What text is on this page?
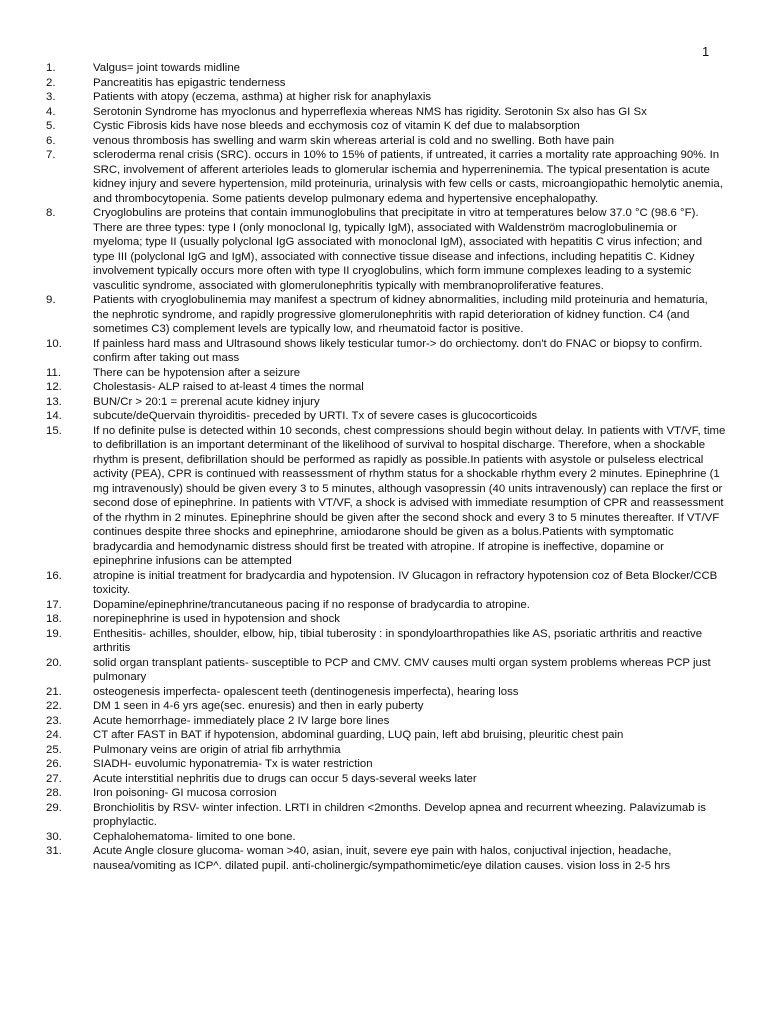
1
1.	Valgus= joint towards midline
2.	Pancreatitis has epigastric tenderness
3.	Patients with atopy (eczema, asthma) at higher risk for anaphylaxis
4.	Serotonin Syndrome has myoclonus and hyperreflexia whereas NMS has rigidity. Serotonin Sx also has GI Sx
5.	Cystic Fibrosis kids have nose bleeds and ecchymosis coz of vitamin K def due to malabsorption
6.	venous thrombosis has swelling and warm skin whereas arterial is cold and no swelling. Both have pain
7.	scleroderma renal crisis (SRC). occurs in 10% to 15% of patients, if untreated, it carries a mortality rate approaching 90%. In SRC, involvement of afferent arterioles leads to glomerular ischemia and hyperreninemia. The typical presentation is acute kidney injury and severe hypertension, mild proteinuria, urinalysis with few cells or casts, microangiopathic hemolytic anemia, and thrombocytopenia. Some patients develop pulmonary edema and hypertensive encephalopathy.
8.	Cryoglobulins are proteins that contain immunoglobulins that precipitate in vitro at temperatures below 37.0 °C (98.6 °F). There are three types: type I (only monoclonal Ig, typically IgM), associated with Waldenström macroglobulinemia or myeloma; type II (usually polyclonal IgG associated with monoclonal IgM), associated with hepatitis C virus infection; and type III (polyclonal IgG and IgM), associated with connective tissue disease and infections, including hepatitis C. Kidney involvement typically occurs more often with type II cryoglobulins, which form immune complexes leading to a systemic vasculitic syndrome, associated with glomerulonephritis typically with membranoproliferative features.
9.	Patients with cryoglobulinemia may manifest a spectrum of kidney abnormalities, including mild proteinuria and hematuria, the nephrotic syndrome, and rapidly progressive glomerulonephritis with rapid deterioration of kidney function. C4 (and sometimes C3) complement levels are typically low, and rheumatoid factor is positive.
10.	If painless hard mass and Ultrasound shows likely testicular tumor-> do orchiectomy. don't do FNAC or biopsy to confirm. confirm after taking out mass
11.	There can be hypotension after a seizure
12.	Cholestasis- ALP raised to at-least 4 times the normal
13.	BUN/Cr > 20:1 = prerenal acute kidney injury
14.	subcute/deQuervain thyroiditis- preceded by URTI. Tx of severe cases is glucocorticoids
15.	If no definite pulse is detected within 10 seconds, chest compressions should begin without delay. In patients with VT/VF, time to defibrillation is an important determinant of the likelihood of survival to hospital discharge. Therefore, when a shockable rhythm is present, defibrillation should be performed as rapidly as possible.In patients with asystole or pulseless electrical activity (PEA), CPR is continued with reassessment of rhythm status for a shockable rhythm every 2 minutes. Epinephrine (1 mg intravenously) should be given every 3 to 5 minutes, although vasopressin (40 units intravenously) can replace the first or second dose of epinephrine. In patients with VT/VF, a shock is advised with immediate resumption of CPR and reassessment of the rhythm in 2 minutes. Epinephrine should be given after the second shock and every 3 to 5 minutes thereafter. If VT/VF continues despite three shocks and epinephrine, amiodarone should be given as a bolus.Patients with symptomatic bradycardia and hemodynamic distress should first be treated with atropine. If atropine is ineffective, dopamine or epinephrine infusions can be attempted
16.	atropine is initial treatment for bradycardia and hypotension. IV Glucagon in refractory hypotension coz of Beta Blocker/CCB toxicity.
17.	Dopamine/epinephrine/trancutaneous pacing if no response of bradycardia to atropine.
18.	norepinephrine is used in hypotension and shock
19.	Enthesitis- achilles, shoulder, elbow, hip, tibial tuberosity : in spondyloarthropathies like AS, psoriatic arthritis and reactive arthritis
20.	solid organ transplant patients- susceptible to PCP and CMV. CMV causes multi organ system problems whereas PCP just pulmonary
21.	osteogenesis imperfecta- opalescent teeth (dentinogenesis imperfecta), hearing loss
22.	DM 1 seen in 4-6 yrs age(sec. enuresis) and then in early puberty
23.	Acute hemorrhage- immediately place 2 IV large bore lines
24.	CT after FAST in BAT if hypotension, abdominal guarding, LUQ pain, left abd bruising, pleuritic chest pain
25.	Pulmonary veins are origin of atrial fib arrhythmia
26.	SIADH- euvolumic hyponatremia- Tx is water restriction
27.	Acute interstitial nephritis due to drugs can occur 5 days-several weeks later
28.	Iron poisoning- GI mucosa corrosion
29.	Bronchiolitis by RSV- winter infection. LRTI in children <2months. Develop apnea and recurrent wheezing. Palavizumab is prophylactic.
30.	Cephalohematoma- limited to one bone.
31.	Acute Angle closure glucoma- woman >40, asian, inuit, severe eye pain with halos, conjuctival injection, headache, nausea/vomiting as ICP^. dilated pupil. anti-cholinergic/sympathomimetic/eye dilation causes. vision loss in 2-5 hrs
